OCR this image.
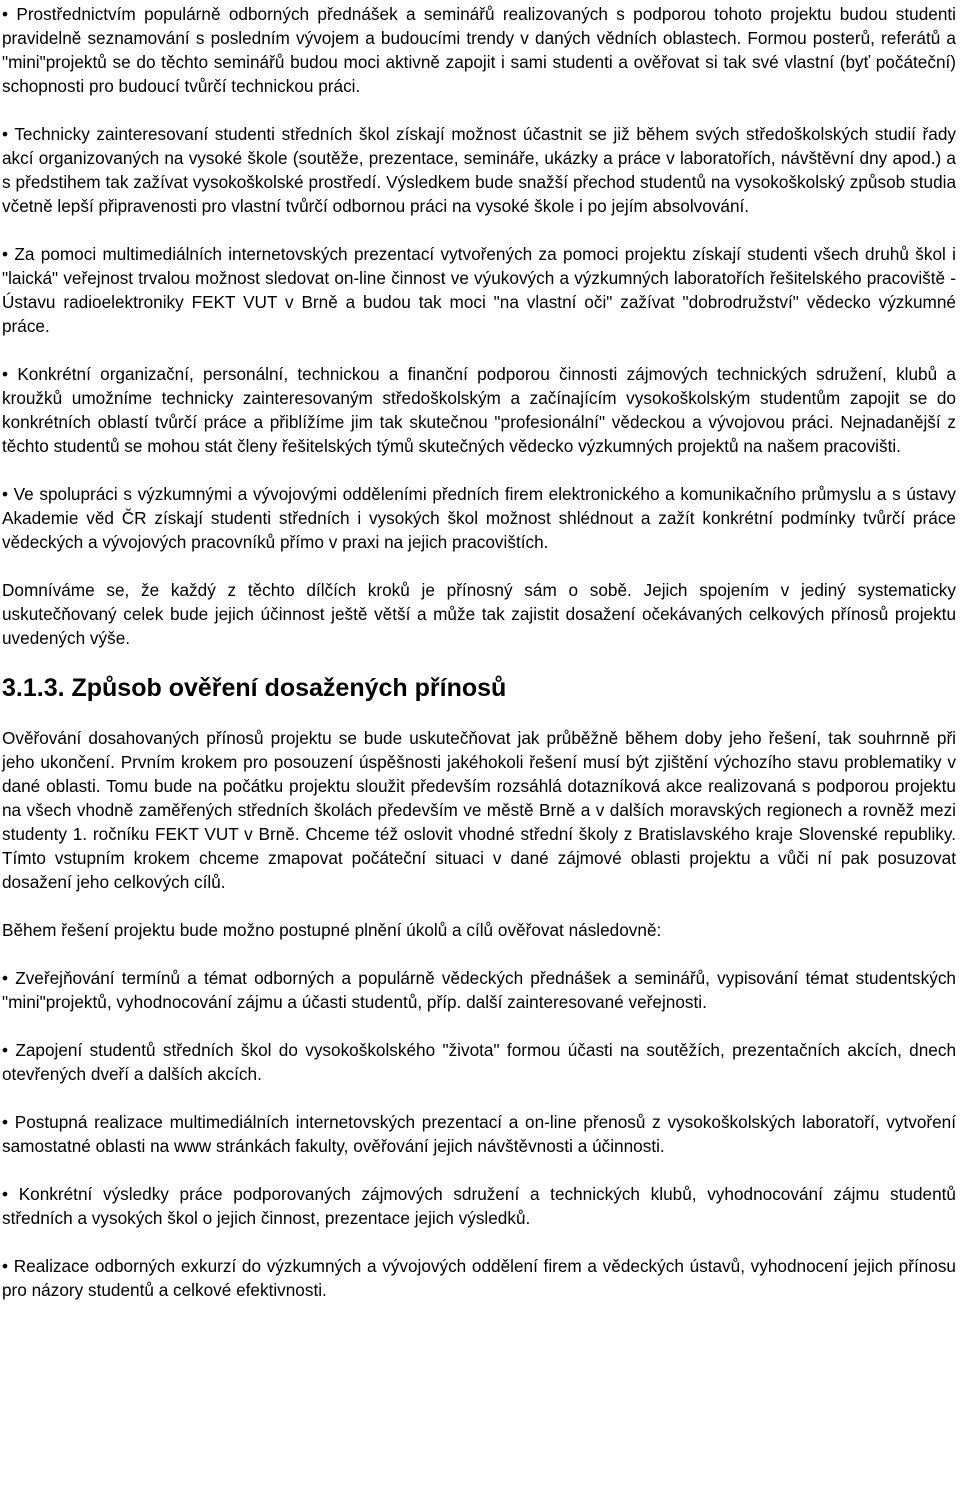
• Prostřednictvím populárně odborných přednášek a seminářů realizovaných s podporou tohoto projektu budou studenti pravidelně seznamování s posledním vývojem a budoucími trendy v daných vědních oblastech. Formou posterů, referátů a "mini"projektů se do těchto seminářů budou moci aktivně zapojit i sami studenti a ověřovat si tak své vlastní (byť počáteční) schopnosti pro budoucí tvůrčí technickou práci.

• Technicky zainteresovaní studenti středních škol získají možnost účastnit se již během svých středoškolských studií řady akcí organizovaných na vysoké škole (soutěže, prezentace, semináře, ukázky a práce v laboratořích, návštěvní dny apod.) a s předstihem tak zažívat vysokoškolské prostředí. Výsledkem bude snažší přechod studentů na vysokoškolský způsob studia včetně lepší připravenosti pro vlastní tvůrčí odbornou práci na vysoké škole i po jejím absolvování.

• Za pomoci multimediálních internetovských prezentací vytvořených za pomoci projektu získají studenti všech druhů škol i "laická" veřejnost trvalou možnost sledovat on-line činnost ve výukových a výzkumných laboratořích řešitelského pracoviště - Ústavu radioelektroniky FEKT VUT v Brně a budou tak moci "na vlastní oči" zažívat "dobrodružství" vědecko výzkumné práce.

• Konkrétní organizační, personální, technickou a finanční podporou činnosti zájmových technických sdružení, klubů a kroužků umožníme technicky zainteresovaným středoškolským a začínajícím vysokoškolským studentům zapojit se do konkrétních oblastí tvůrčí práce a přiblížíme jim tak skutečnou "profesionální" vědeckou a vývojovou práci. Nejnadanější z těchto studentů se mohou stát členy řešitelských týmů skutečných vědecko výzkumných projektů na našem pracovišti.

• Ve spolupráci s výzkumnými a vývojovými odděleními předních firem elektronického a komunikačního průmyslu a s ústavy Akademie věd ČR získají studenti středních i vysokých škol možnost shlédnout a zažít konkrétní podmínky tvůrčí práce vědeckých a vývojových pracovníků přímo v praxi na jejich pracovištích.

Domníváme se, že každý z těchto dílčích kroků je přínosný sám o sobě. Jejich spojením v jediný systematicky uskutečňovaný celek bude jejich účinnost ještě větší a může tak zajistit dosažení očekávaných celkových přínosů projektu uvedených výše.

3.1.3. Způsob ověření dosažených přínosů

Ověřování dosahovaných přínosů projektu se bude uskutečňovat jak průběžně během doby jeho řešení, tak souhrnně při jeho ukončení. Prvním krokem pro posouzení úspěšnosti jakéhokoli řešení musí být zjištění výchozího stavu problematiky v dané oblasti. Tomu bude na počátku projektu sloužit především rozsáhlá dotazníková akce realizovaná s podporou projektu na všech vhodně zaměřených středních školách především ve městě Brně a v dalších moravských regionech a rovněž mezi studenty 1. ročníku FEKT VUT v Brně. Chceme též oslovit vhodné střední školy z Bratislavského kraje Slovenské republiky. Tímto vstupním krokem chceme zmapovat počáteční situaci v dané zájmové oblasti projektu a vůči ní pak posuzovat dosažení jeho celkových cílů.

Během řešení projektu bude možno postupné plnění úkolů a cílů ověřovat následovně:

• Zveřejňování termínů a témat odborných a populárně vědeckých přednášek a seminářů, vypisování témat studentských "mini"projektů, vyhodnocování zájmu a účasti studentů, příp. další zainteresované veřejnosti.

• Zapojení studentů středních škol do vysokoškolského "života" formou účasti na soutěžích, prezentačních akcích, dnech otevřených dveří a dalších akcích.

• Postupná realizace multimediálních internetovských prezentací a on-line přenosů z vysokoškolských laboratoří, vytvoření samostatné oblasti na www stránkách fakulty, ověřování jejich návštěvnosti a účinnosti.

• Konkrétní výsledky práce podporovaných zájmových sdružení a technických klubů, vyhodnocování zájmu studentů středních a vysokých škol o jejich činnost, prezentace jejich výsledků.

• Realizace odborných exkurzí do výzkumných a vývojových oddělení firem a vědeckých ústavů, vyhodnocení jejich přínosu pro názory studentů a celkové efektivnosti.
